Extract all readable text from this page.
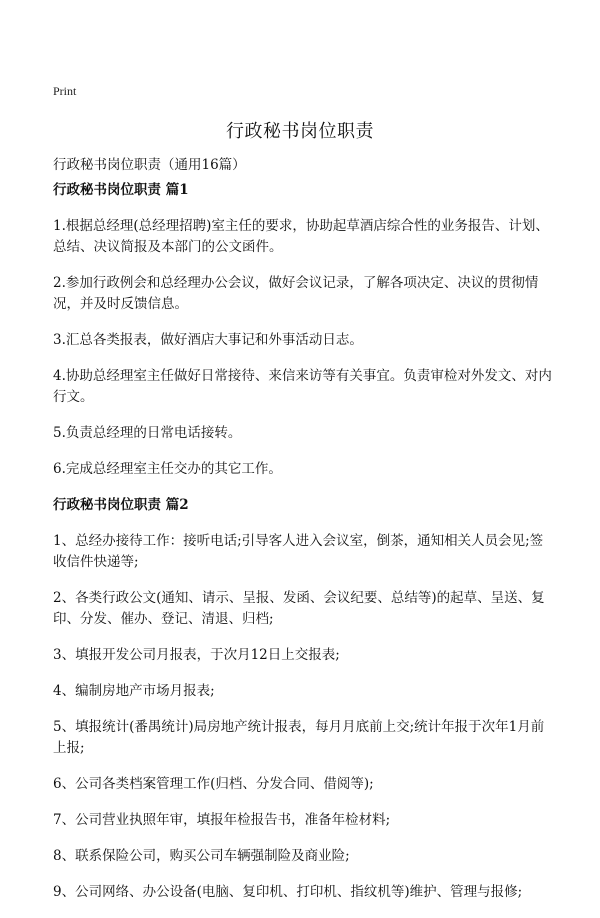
Print
行政秘书岗位职责

行政秘书岗位职责（通用16篇）

行政秘书岗位职责 篇1

1.根据总经理(总经理招聘)室主任的要求，协助起草酒店综合性的业务报告、计划、总结、决议简报及本部门的公文函件。

2.参加行政例会和总经理办公会议，做好会议记录，了解各项决定、决议的贯彻情况，并及时反馈信息。

3.汇总各类报表，做好酒店大事记和外事活动日志。

4.协助总经理室主任做好日常接待、来信来访等有关事宜。负责审检对外发文、对内行文。

5.负责总经理的日常电话接转。

6.完成总经理室主任交办的其它工作。

行政秘书岗位职责 篇2

1、总经办接待工作：接听电话;引导客人进入会议室，倒茶，通知相关人员会见;签收信件快递等;

2、各类行政公文(通知、请示、呈报、发函、会议纪要、总结等)的起草、呈送、复印、分发、催办、登记、清退、归档;

3、填报开发公司月报表，于次月12日上交报表;

4、编制房地产市场月报表;

5、填报统计(番禺统计)局房地产统计报表，每月月底前上交;统计年报于次年1月前上报;

6、公司各类档案管理工作(归档、分发合同、借阅等);

7、公司营业执照年审，填报年检报告书，准备年检材料;

8、联系保险公司，购买公司车辆强制险及商业险;

9、公司网络、办公设备(电脑、复印机、打印机、指纹机等)维护、管理与报修;
